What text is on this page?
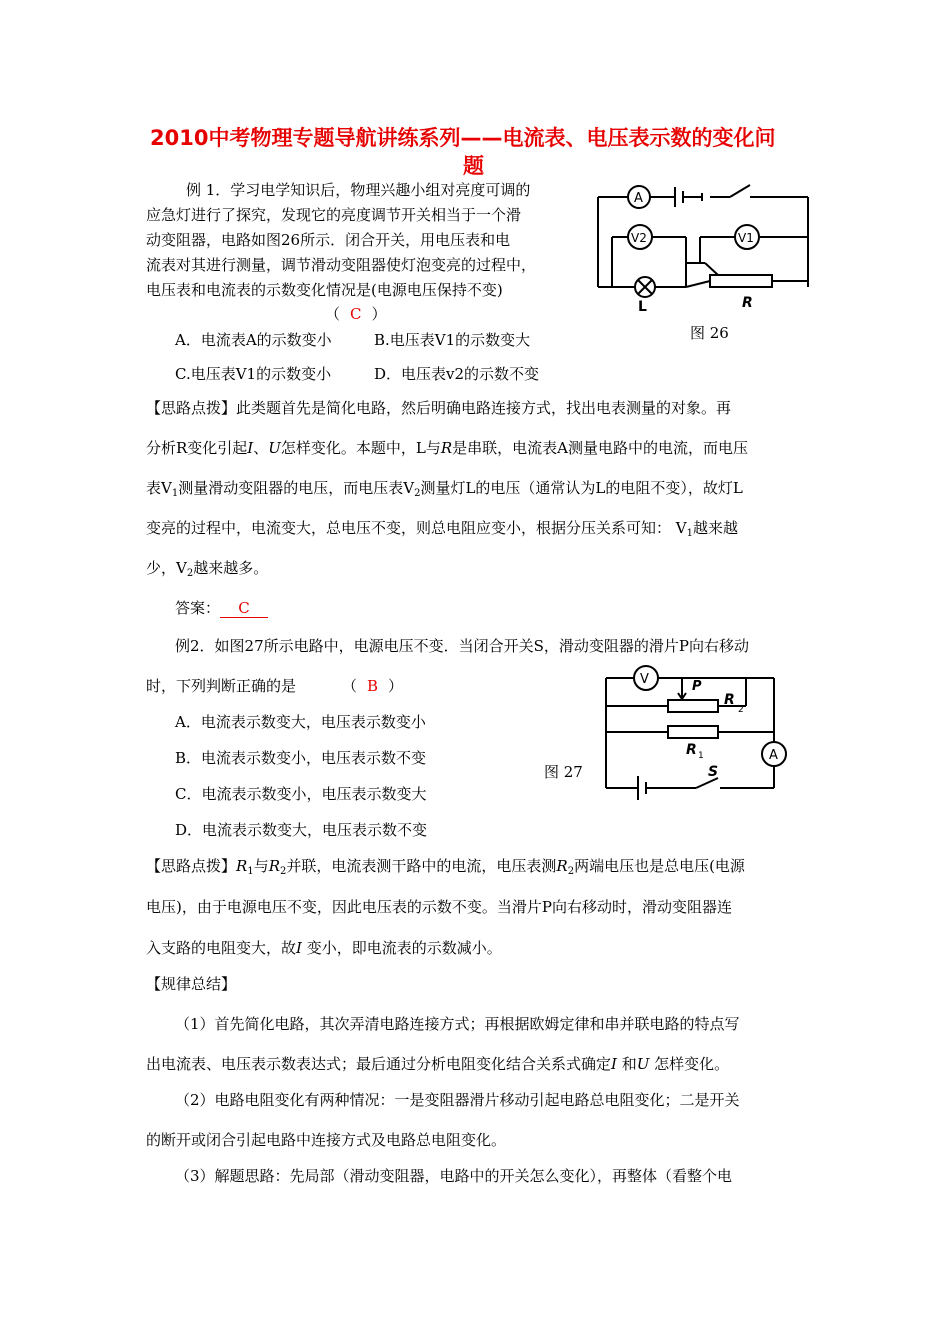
2010中考物理专题导航讲练系列——电流表、电压表示数的变化问
题
例 1．学习电学知识后，物理兴趣小组对亮度可调的
应急灯进行了探究，发现它的亮度调节开关相当于一个滑
动变阻器，电路如图26所示．闭合开关，用电压表和电
流表对其进行测量，调节滑动变阻器使灯泡变亮的过程中，
电压表和电流表的示数变化情况是(电源电压保持不变)
（ C ）
A．电流表A的示数变小	B.电压表V1的示数变大
C.电压表V1的示数变小	D．电压表v2的示数不变
A
V2	V1
L	R
图 26
【思路点拨】此类题首先是简化电路，然后明确电路连接方式，找出电表测量的对象。再
分析R变化引起I、U怎样变化。本题中，L与R是串联，电流表A测量电路中的电流，而电压
表$V_1$测量滑动变阻器的电压，而电压表$V_2$测量灯L的电压（通常认为L的电阻不变），故灯L
变亮的过程中，电流变大，总电压不变，则总电阻应变小，根据分压关系可知： $V_1$越来越
少，$V_2$越来越多。
答案： C
例2．如图27所示电路中，电源电压不变．当闭合开关S，滑动变阻器的滑片P向右移动
时，下列判断正确的是	（ B ）
A．电流表示数变大，电压表示数变小
B．电流表示数变小，电压表示数不变
C．电流表示数变小，电压表示数变大
D．电流表示数变大，电压表示数不变
V	P
R
2
R 1	A
S
图 27
【思路点拨】$R_1$与$R_2$并联，电流表测干路中的电流，电压表测$R_2$两端电压也是总电压(电源
电压)，由于电源电压不变，因此电压表的示数不变。当滑片P向右移动时，滑动变阻器连
入支路的电阻变大，故I 变小，即电流表的示数减小。
【规律总结】
（1）首先简化电路，其次弄清电路连接方式；再根据欧姆定律和串并联电路的特点写
出电流表、电压表示数表达式；最后通过分析电阻变化结合关系式确定I 和U 怎样变化。
（2）电路电阻变化有两种情况：一是变阻器滑片移动引起电路总电阻变化；二是开关
的断开或闭合引起电路中连接方式及电路总电阻变化。
（3）解题思路：先局部（滑动变阻器，电路中的开关怎么变化），再整体（看整个电
